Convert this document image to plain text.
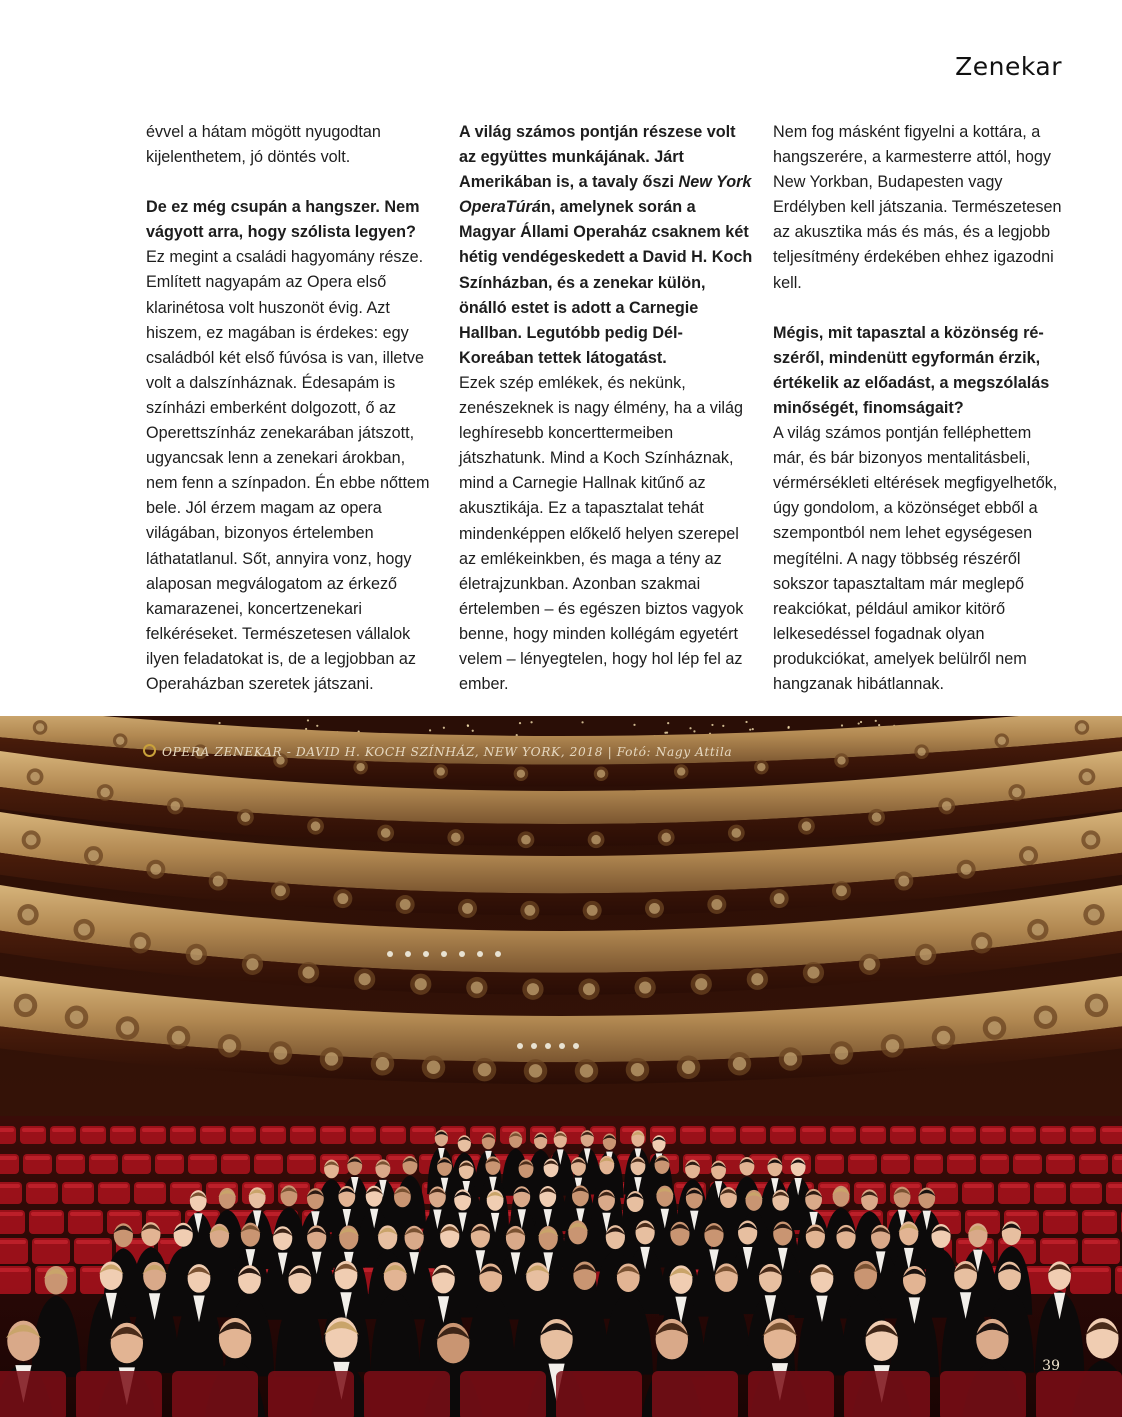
Zenekar

évvel a hátam mögött nyugodtan kijelenthetem, jó döntés volt.

De ez még csupán a hangszer. Nem vágyott arra, hogy szólista legyen?

Ez megint a családi hagyomány része. Említett nagyapám az Opera első klarinétosa volt huszonöt évig. Azt hiszem, ez magában is érdekes: egy családból két első fúvósa is van, illetve volt a dalszínháznak. Édesapám is színházi emberként dolgozott, ő az Operettszínház zenekarában játszott, ugyancsak lenn a zenekari árokban, nem fenn a színpadon. Én ebbe nőttem bele. Jól érzem magam az opera világában, bizonyos értelemben láthatatlanul. Sőt, annyira vonz, hogy alaposan megválogatom az érkező kamarazenei, koncertzenekari felkéréseket. Természetesen vállalok ilyen feladatokat is, de a legjobban az Operaházban szeretek játszani.

A világ számos pontján részese volt az együttes munkájának. Járt Amerikában is, a tavaly őszi New York OperaTúrán, amelynek során a Magyar Állami Operaház csaknem két hétig vendégeskedett a David H. Koch Színházban, és a zenekar külön, önálló estet is adott a Carnegie Hallban. Legutóbb pedig Dél-Koreában tettek látogatást.

Ezek szép emlékek, és nekünk, zenészeknek is nagy élmény, ha a világ leghíresebb koncerttermeiben játszhatunk. Mind a Koch Színháznak, mind a Carnegie Hallnak kitűnő az akusztikája. Ez a tapasztalat tehát mindenképpen előkelő helyen szerepel az emlékeinkben, és maga a tény az életrajzunkban. Azonban szakmai értelemben – és egészen biztos vagyok benne, hogy minden kollégám egyetért velem – lényegtelen, hogy hol lép fel az ember.

Nem fog másként figyelni a kottára, a hangszerére, a karmesterre attól, hogy New Yorkban, Budapesten vagy Erdélyben kell játszania. Természetesen az akusztika más és más, és a legjobb teljesítmény érdekében ehhez igazodni kell.

Mégis, mit tapasztal a közönség részéről, mindenütt egyformán érzik, értékelik az előadást, a megszólalás minőségét, finomságait?

A világ számos pontján felléphettem már, és bár bizonyos mentalitásbeli, vérmérsékleti eltérések megfigyelhetők, úgy gondolom, a közönséget ebből a szempontból nem lehet egységesen megítélni. A nagy többség részéről sokszor tapasztaltam már meglepő reakciókat, például amikor kitörő lelkesedéssel fogadnak olyan produkciókat, amelyek belülről nem hangzanak hibátlannak.

OPERA ZENEKAR - DAVID H. KOCH SZÍNHÁZ, NEW YORK, 2018 | Fotó: Nagy Attila
39
